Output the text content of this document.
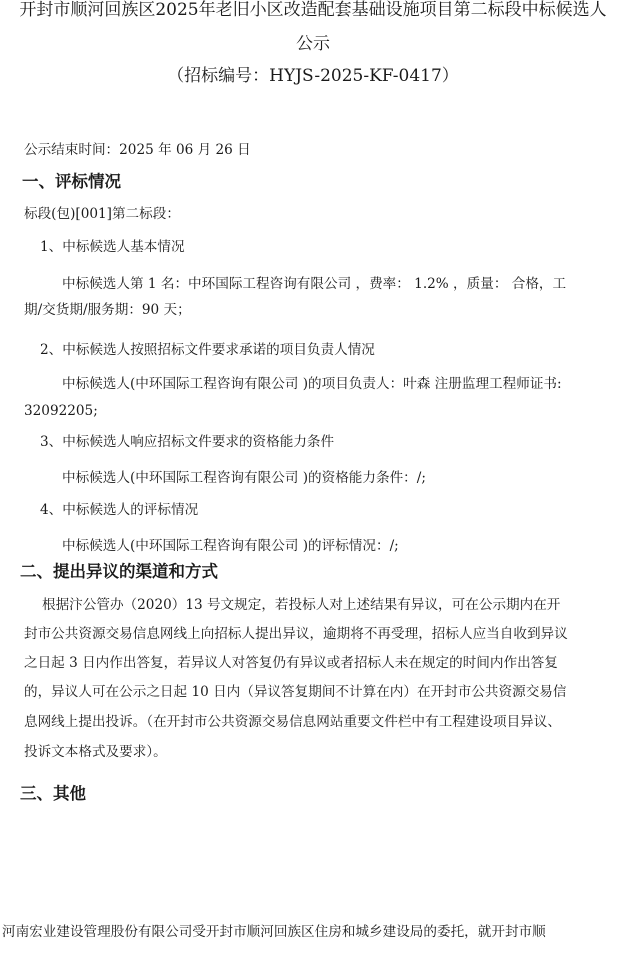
开封市顺河回族区2025年老旧小区改造配套基础设施项目第二标段中标候选人
公示
（招标编号：HYJS-2025-KF-0417）
公示结束时间：2025 年 06 月 26 日
一、评标情况
标段(包)[001]第二标段：
1、中标候选人基本情况
中标候选人第 1 名：中环国际工程咨询有限公司 ，费率： 1.2% ，质量： 合格，工
期/交货期/服务期：90 天；
2、中标候选人按照招标文件要求承诺的项目负责人情况
中标候选人(中环国际工程咨询有限公司 )的项目负责人：叶森 注册监理工程师证书:
32092205;
3、中标候选人响应招标文件要求的资格能力条件
中标候选人(中环国际工程咨询有限公司 )的资格能力条件：/;
4、中标候选人的评标情况
中标候选人(中环国际工程咨询有限公司 )的评标情况：/;
二、提出异议的渠道和方式
根据汴公管办（2020）13 号文规定，若投标人对上述结果有异议，可在公示期内在开
封市公共资源交易信息网线上向招标人提出异议，逾期将不再受理，招标人应当自收到异议
之日起 3 日内作出答复，若异议人对答复仍有异议或者招标人未在规定的时间内作出答复
的，异议人可在公示之日起 10 日内（异议答复期间不计算在内）在开封市公共资源交易信
息网线上提出投诉。（在开封市公共资源交易信息网站重要文件栏中有工程建设项目异议、
投诉文本格式及要求）。
三、其他
河南宏业建设管理股份有限公司受开封市顺河回族区住房和城乡建设局的委托，就开封市顺
